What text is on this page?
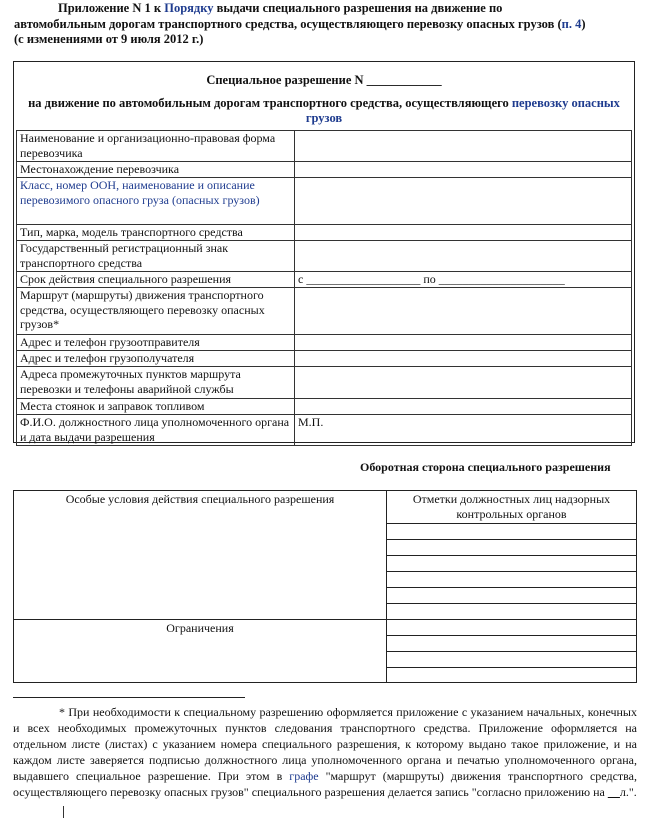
Приложение N 1 к Порядку выдачи специального разрешения на движение по
автомобильным дорогам транспортного средства, осуществляющего перевозку опасных грузов (п. 4)
(с изменениями от 9 июля 2012 г.)
Специальное разрешение N ____________
на движение по автомобильным дорогам транспортного средства, осуществляющего перевозку опасных грузов
Наименование и организационно-правовая форма перевозчика	
Местонахождение перевозчика	
Класс, номер ООН, наименование и описание перевозимого опасного груза (опасных грузов)	
Тип, марка, модель транспортного средства	
Государственный регистрационный знак транспортного средства	
Срок действия специального разрешения	с ___________________ по _____________________
Маршрут (маршруты) движения транспортного средства, осуществляющего перевозку опасных грузов*	
Адрес и телефон грузоотправителя	
Адрес и телефон грузополучателя	
Адреса промежуточных пунктов маршрута перевозки и телефоны аварийной службы	
Места стоянок и заправок топливом	
Ф.И.О. должностного лица уполномоченного органа и дата выдачи разрешения	М.П.
Оборотная сторона специального разрешения
Особые условия действия специального разрешения	Отметки должностных лиц надзорных контрольных органов
Ограничения
* При необходимости к специальному разрешению оформляется приложение с указанием начальных, конечных и всех необходимых промежуточных пунктов следования транспортного средства. Приложение оформляется на отдельном листе (листах) с указанием номера специального разрешения, к которому выдано такое приложение, и на каждом листе заверяется подписью должностного лица уполномоченного органа и печатью уполномоченного органа, выдавшего специальное разрешение. При этом в графе "маршрут (маршруты) движения транспортного средства, осуществляющего перевозку опасных грузов" специального разрешения делается запись "согласно приложению на __л.".
